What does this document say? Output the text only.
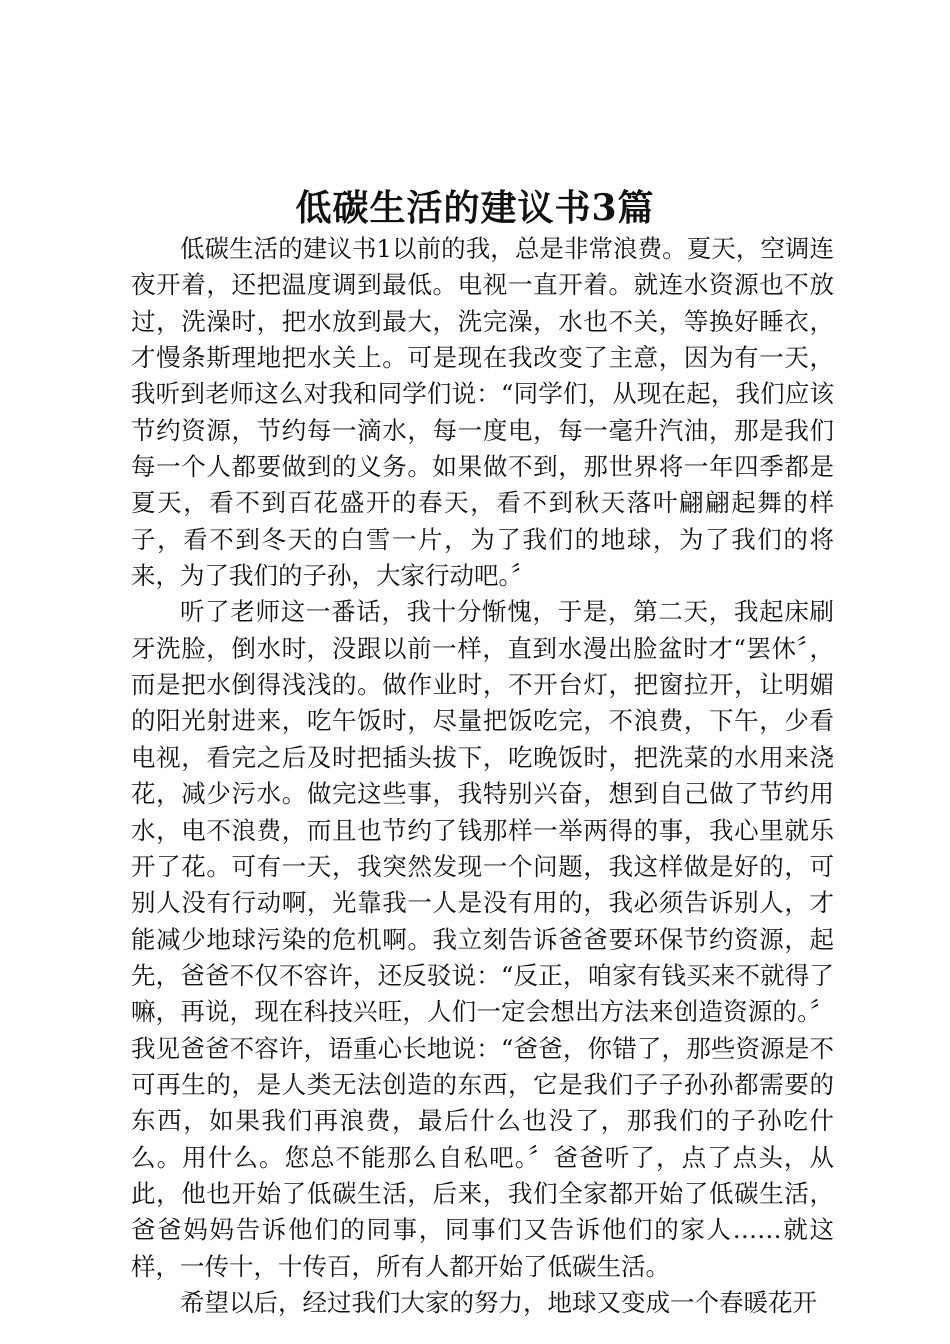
低碳生活的建议书3篇

低碳生活的建议书1以前的我，总是非常浪费。夏天，空调连夜开着，还把温度调到最低。电视一直开着。就连水资源也不放过，洗澡时，把水放到最大，洗完澡，水也不关，等换好睡衣，才慢条斯理地把水关上。可是现在我改变了主意，因为有一天，我听到老师这么对我和同学们说：“同学们，从现在起，我们应该节约资源，节约每一滴水，每一度电，每一毫升汽油，那是我们每一个人都要做到的义务。如果做不到，那世界将一年四季都是夏天，看不到百花盛开的春天，看不到秋天落叶翩翩起舞的样子，看不到冬天的白雪一片，为了我们的地球，为了我们的将来，为了我们的子孙，大家行动吧。〞

听了老师这一番话，我十分惭愧，于是，第二天，我起床刷牙洗脸，倒水时，没跟以前一样，直到水漫出脸盆时才“罢休〞，而是把水倒得浅浅的。做作业时，不开台灯，把窗拉开，让明媚的阳光射进来，吃午饭时，尽量把饭吃完，不浪费，下午，少看电视，看完之后及时把插头拔下，吃晚饭时，把洗菜的水用来浇花，减少污水。做完这些事，我特别兴奋，想到自己做了节约用水，电不浪费，而且也节约了钱那样一举两得的事，我心里就乐开了花。可有一天，我突然发现一个问题，我这样做是好的，可别人没有行动啊，光靠我一人是没有用的，我必须告诉别人，才能减少地球污染的危机啊。我立刻告诉爸爸要环保节约资源，起先，爸爸不仅不容许，还反驳说：“反正，咱家有钱买来不就得了嘛，再说，现在科技兴旺，人们一定会想出方法来创造资源的。〞我见爸爸不容许，语重心长地说：“爸爸，你错了，那些资源是不可再生的，是人类无法创造的东西，它是我们子子孙孙都需要的东西，如果我们再浪费，最后什么也没了，那我们的子孙吃什么。用什么。您总不能那么自私吧。〞爸爸听了，点了点头，从此，他也开始了低碳生活，后来，我们全家都开始了低碳生活，爸爸妈妈告诉他们的同事，同事们又告诉他们的家人……就这样，一传十，十传百，所有人都开始了低碳生活。

希望以后，经过我们大家的努力，地球又变成一个春暖花开
